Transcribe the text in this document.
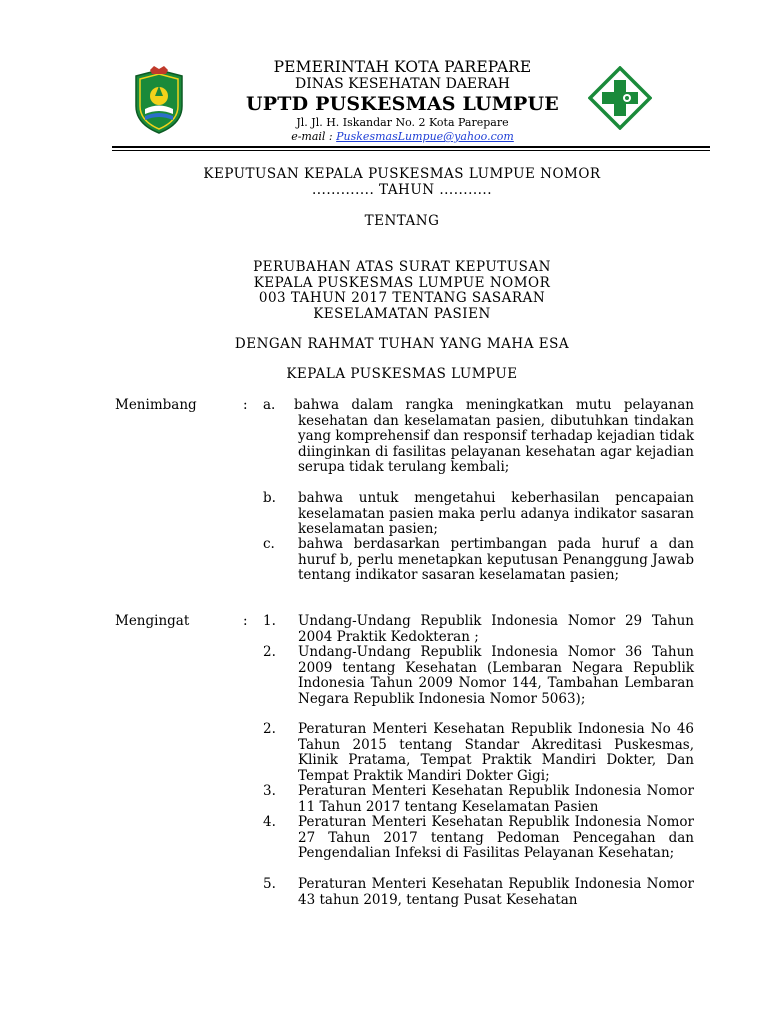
PEMERINTAH KOTA PAREPARE
DINAS KESEHATAN DAERAH
UPTD PUSKESMAS LUMPUE
Jl. Jl. H. Iskandar No. 2 Kota Parepare
e-mail : PuskesmasLumpue@yahoo.com
KEPUTUSAN KEPALA PUSKESMAS LUMPUE NOMOR
............. TAHUN ...........
TENTANG
PERUBAHAN ATAS SURAT KEPUTUSAN
KEPALA PUSKESMAS LUMPUE NOMOR
003 TAHUN 2017 TENTANG SASARAN
KESELAMATAN PASIEN
DENGAN RAHMAT TUHAN YANG MAHA ESA
KEPALA PUSKESMAS LUMPUE
Menimbang	: a. bahwa dalam rangka meningkatkan mutu pelayanan kesehatan dan keselamatan pasien, dibutuhkan tindakan yang komprehensif dan responsif terhadap kejadian tidak diinginkan di fasilitas pelayanan kesehatan agar kejadian serupa tidak terulang kembali;
b. bahwa untuk mengetahui keberhasilan pencapaian keselamatan pasien maka perlu adanya indikator sasaran keselamatan pasien;
c. bahwa berdasarkan pertimbangan pada huruf a dan huruf b, perlu menetapkan keputusan Penanggung Jawab tentang indikator sasaran keselamatan pasien;
Mengingat	: 1. Undang-Undang Republik Indonesia Nomor 29 Tahun 2004 Praktik Kedokteran ;
2. Undang-Undang Republik Indonesia Nomor 36 Tahun 2009 tentang Kesehatan (Lembaran Negara Republik Indonesia Tahun 2009 Nomor 144, Tambahan Lembaran Negara Republik Indonesia Nomor 5063);
2. Peraturan Menteri Kesehatan Republik Indonesia No 46 Tahun 2015 tentang Standar Akreditasi Puskesmas, Klinik Pratama, Tempat Praktik Mandiri Dokter, Dan Tempat Praktik Mandiri Dokter Gigi;
3. Peraturan Menteri Kesehatan Republik Indonesia Nomor 11 Tahun 2017 tentang Keselamatan Pasien
4. Peraturan Menteri Kesehatan Republik Indonesia Nomor 27 Tahun 2017 tentang Pedoman Pencegahan dan Pengendalian Infeksi di Fasilitas Pelayanan Kesehatan;
5. Peraturan Menteri Kesehatan Republik Indonesia Nomor 43 tahun 2019, tentang Pusat Kesehatan
